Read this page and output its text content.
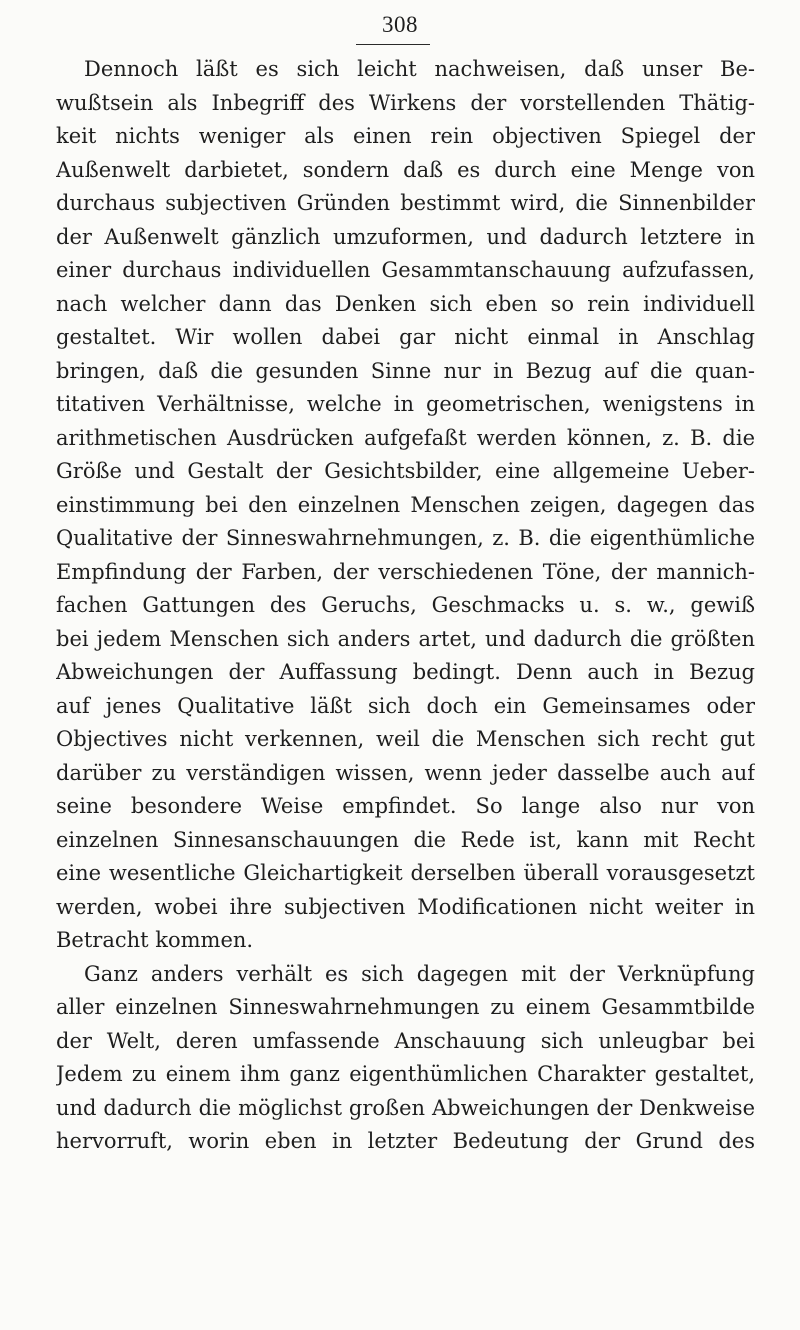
308
Dennoch läßt es sich leicht nachweisen, daß unser Be-
wußtsein als Inbegriff des Wirkens der vorstellenden Thätig-
keit nichts weniger als einen rein objectiven Spiegel der
Außenwelt darbietet, sondern daß es durch eine Menge von
durchaus subjectiven Gründen bestimmt wird, die Sinnenbilder
der Außenwelt gänzlich umzuformen, und dadurch letztere in
einer durchaus individuellen Gesammtanschauung aufzufassen,
nach welcher dann das Denken sich eben so rein individuell
gestaltet. Wir wollen dabei gar nicht einmal in Anschlag
bringen, daß die gesunden Sinne nur in Bezug auf die quan-
titativen Verhältnisse, welche in geometrischen, wenigstens in
arithmetischen Ausdrücken aufgefaßt werden können, z. B. die
Größe und Gestalt der Gesichtsbilder, eine allgemeine Ueber-
einstimmung bei den einzelnen Menschen zeigen, dagegen das
Qualitative der Sinneswahrnehmungen, z. B. die eigenthümliche
Empfindung der Farben, der verschiedenen Töne, der mannich-
fachen Gattungen des Geruchs, Geschmacks u. s. w., gewiß
bei jedem Menschen sich anders artet, und dadurch die größten
Abweichungen der Auffassung bedingt. Denn auch in Bezug
auf jenes Qualitative läßt sich doch ein Gemeinsames oder
Objectives nicht verkennen, weil die Menschen sich recht gut
darüber zu verständigen wissen, wenn jeder dasselbe auch auf
seine besondere Weise empfindet. So lange also nur von
einzelnen Sinnesanschauungen die Rede ist, kann mit Recht
eine wesentliche Gleichartigkeit derselben überall vorausgesetzt
werden, wobei ihre subjectiven Modificationen nicht weiter in
Betracht kommen.
Ganz anders verhält es sich dagegen mit der Verknüpfung
aller einzelnen Sinneswahrnehmungen zu einem Gesammtbilde
der Welt, deren umfassende Anschauung sich unleugbar bei
Jedem zu einem ihm ganz eigenthümlichen Charakter gestaltet,
und dadurch die möglichst großen Abweichungen der Denkweise
hervorruft, worin eben in letzter Bedeutung der Grund des
